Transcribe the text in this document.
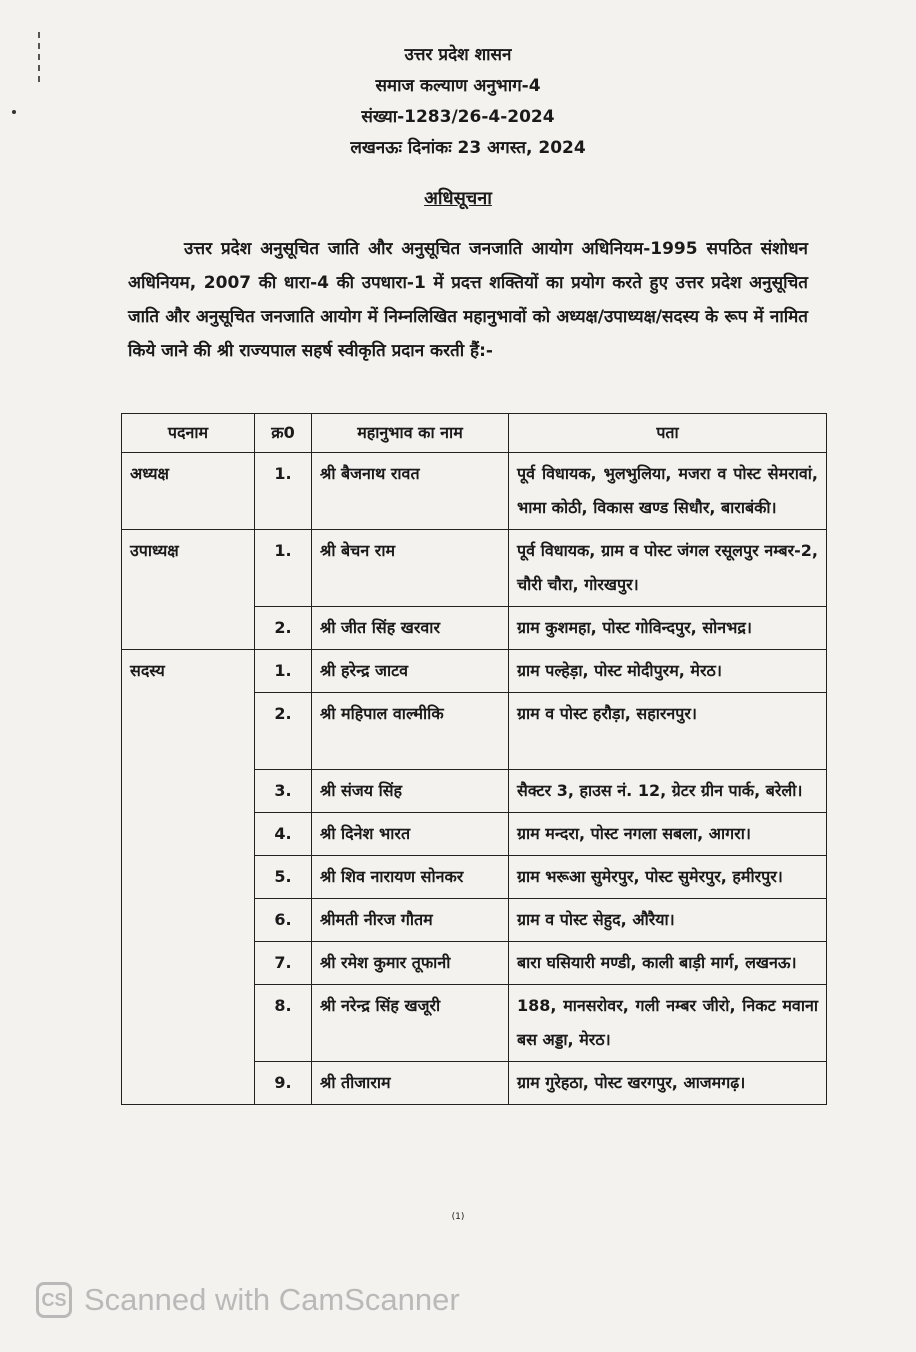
उत्तर प्रदेश शासन
समाज कल्याण अनुभाग-4
संख्या-1283/26-4-2024
लखनऊः दिनांकः 23 अगस्त, 2024
अधिसूचना
उत्तर प्रदेश अनुसूचित जाति और अनुसूचित जनजाति आयोग अधिनियम-1995 सपठित संशोधन अधिनियम, 2007 की धारा-4 की उपधारा-1 में प्रदत्त शक्तियों का प्रयोग करते हुए उत्तर प्रदेश अनुसूचित जाति और अनुसूचित जनजाति आयोग में निम्नलिखित महानुभावों को अध्यक्ष/उपाध्यक्ष/सदस्य के रूप में नामित किये जाने की श्री राज्यपाल सहर्ष स्वीकृति प्रदान करती हैं:-
पदनाम	क्र0	महानुभाव का नाम	पता
अध्यक्ष	1.	श्री बैजनाथ रावत	पूर्व विधायक, भुलभुलिया, मजरा व पोस्ट सेमरावां, भामा कोठी, विकास खण्ड सिधौर, बाराबंकी।
उपाध्यक्ष	1.	श्री बेचन राम	पूर्व विधायक, ग्राम व पोस्ट जंगल रसूलपुर नम्बर-2, चौरी चौरा, गोरखपुर।
	2.	श्री जीत सिंह खरवार	ग्राम कुशमहा, पोस्ट गोविन्दपुर, सोनभद्र।
सदस्य	1.	श्री हरेन्द्र जाटव	ग्राम पल्हेड़ा, पोस्ट मोदीपुरम, मेरठ।
	2.	श्री महिपाल वाल्मीकि	ग्राम व पोस्ट हरौड़ा, सहारनपुर।
	3.	श्री संजय सिंह	सैक्टर 3, हाउस नं. 12, ग्रेटर ग्रीन पार्क, बरेली।
	4.	श्री दिनेश भारत	ग्राम मन्दरा, पोस्ट नगला सबला, आगरा।
	5.	श्री शिव नारायण सोनकर	ग्राम भरूआ सुमेरपुर, पोस्ट सुमेरपुर, हमीरपुर।
	6.	श्रीमती नीरज गौतम	ग्राम व पोस्ट सेहुद, औरैया।
	7.	श्री रमेश कुमार तूफानी	बारा घसियारी मण्डी, काली बाड़ी मार्ग, लखनऊ।
	8.	श्री नरेन्द्र सिंह खजूरी	188, मानसरोवर, गली नम्बर जीरो, निकट मवाना बस अड्डा, मेरठ।
	9.	श्री तीजाराम	ग्राम गुरेहठा, पोस्ट खरगपुर, आजमगढ़।
(1)
CS Scanned with CamScanner
